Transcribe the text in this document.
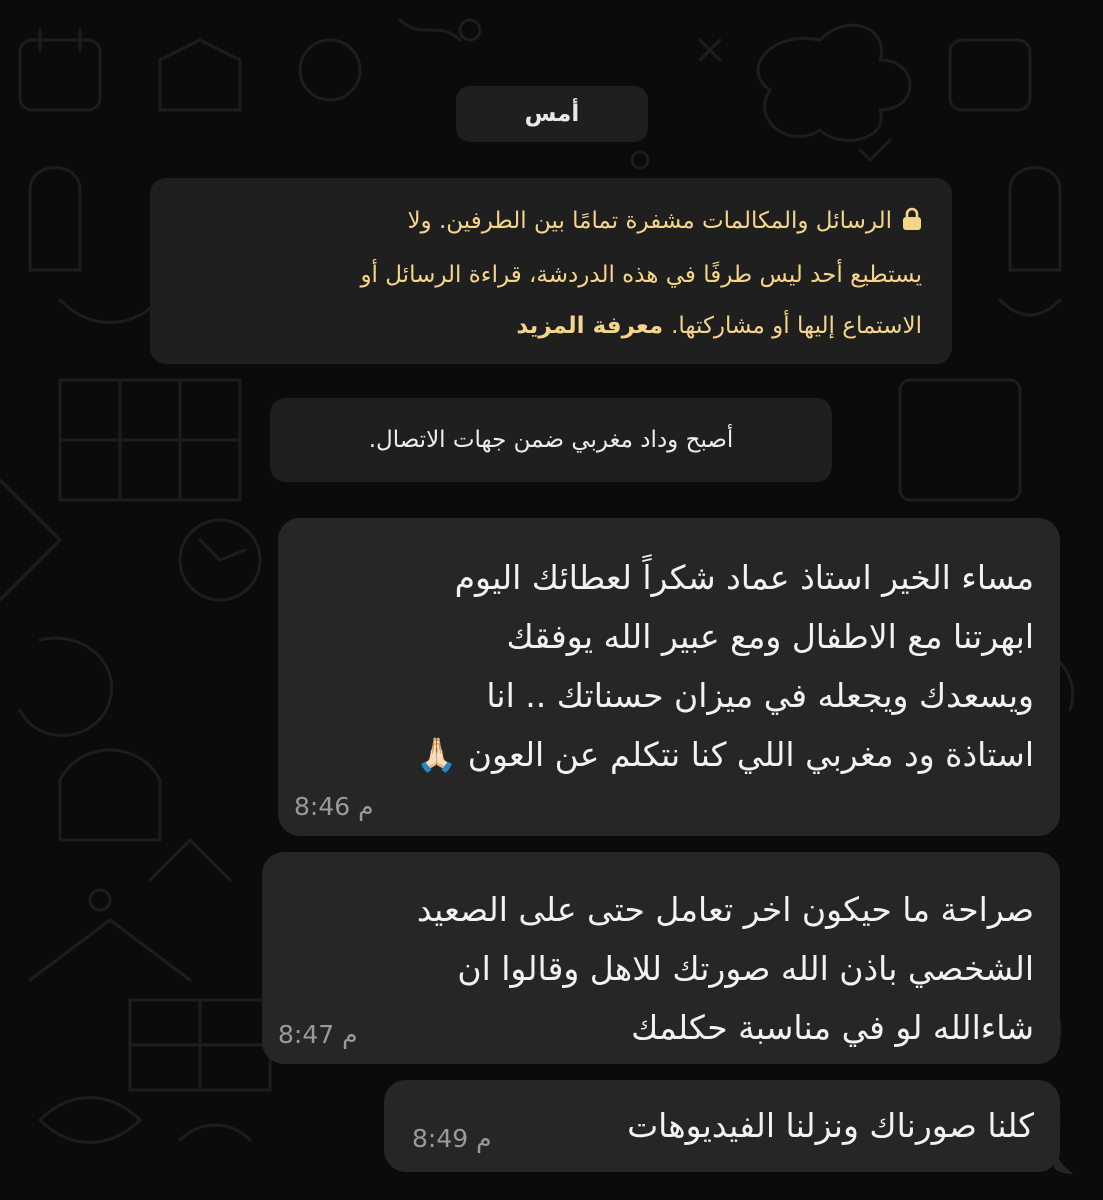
أمس
الرسائل والمكالمات مشفرة تمامًا بين الطرفين. ولا
يستطيع أحد ليس طرفًا في هذه الدردشة، قراءة الرسائل أو
الاستماع إليها أو مشاركتها.معرفة المزيد
أصبح وداد مغربي ضمن جهات الاتصال.
مساء الخير استاذ عماد شكراً لعطائك اليوم
ابهرتنا مع الاطفال ومع عبير الله يوفقك
ويسعدك ويجعله في ميزان حسناتك .. انا
استاذة ود مغربي اللي كنا نتكلم عن العون 🙏🏻
8:46 م
صراحة ما حيكون اخر تعامل حتى على الصعيد
الشخصي باذن الله صورتك للاهل وقالوا ان
شاءالله لو في مناسبة حكلمك
8:47 م
كلنا صورناك ونزلنا الفيديوهات
8:49 م
